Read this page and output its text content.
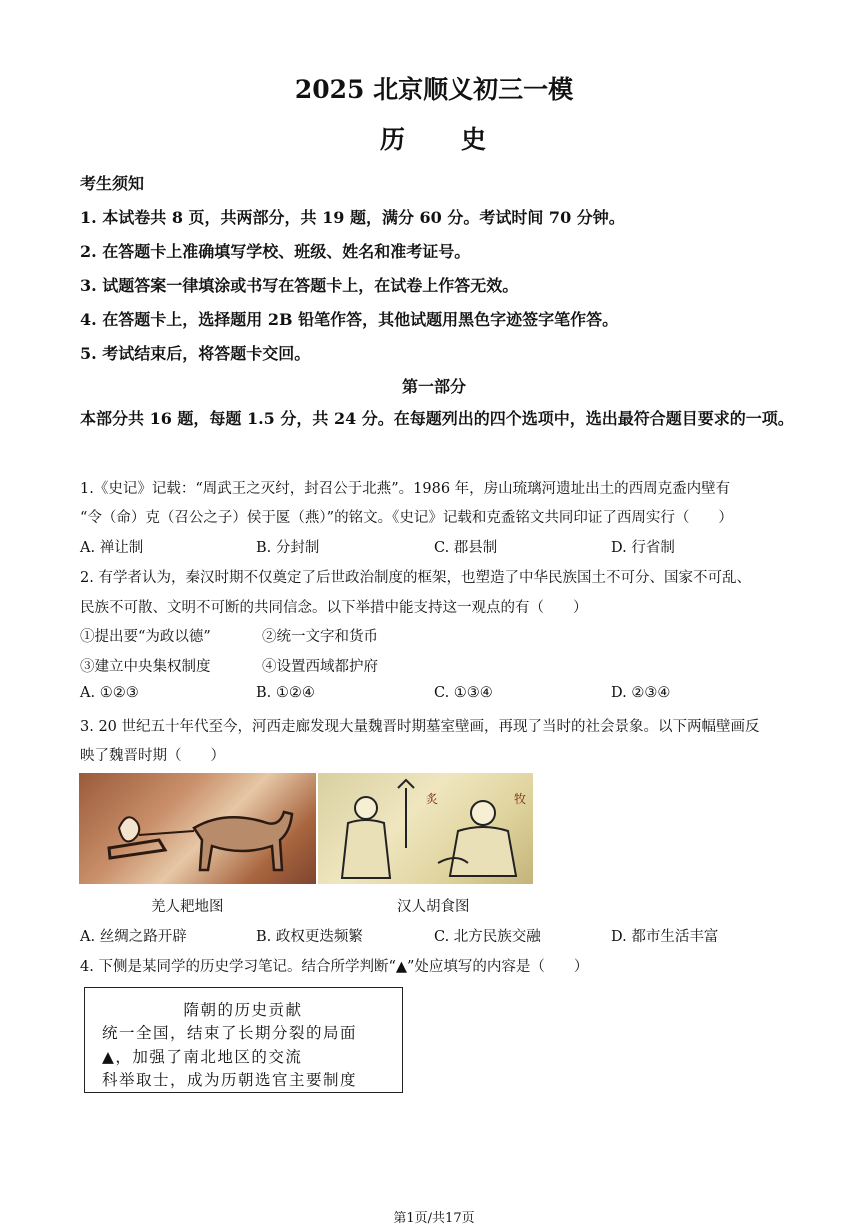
2025 北京顺义初三一模
历　　史
考生须知
1. 本试卷共 8 页，共两部分，共 19 题，满分 60 分。考试时间 70 分钟。
2. 在答题卡上准确填写学校、班级、姓名和准考证号。
3. 试题答案一律填涂或书写在答题卡上，在试卷上作答无效。
4. 在答题卡上，选择题用 2B 铅笔作答，其他试题用黑色字迹签字笔作答。
5. 考试结束后，将答题卡交回。
第一部分
本部分共 16 题，每题 1.5 分，共 24 分。在每题列出的四个选项中，选出最符合题目要求的一项。
1.《史记》记载：“周武王之灭纣，封召公于北燕”。1986 年，房山琉璃河遗址出土的西周克盉内壁有
“令（命）克（召公之子）侯于匽（燕）”的铭文。《史记》记载和克盉铭文共同印证了西周实行（　　）
A. 禅让制	B. 分封制	C. 郡县制	D. 行省制
2. 有学者认为，秦汉时期不仅奠定了后世政治制度的框架，也塑造了中华民族国土不可分、国家不可乱、
民族不可散、文明不可断的共同信念。以下举措中能支持这一观点的有（　　）
①提出要“为政以德”	②统一文字和货币
③建立中央集权制度	④设置西域都护府
A. ①②③	B. ①②④	C. ①③④	D. ②③④
3. 20 世纪五十年代至今，河西走廊发现大量魏晋时期墓室壁画，再现了当时的社会景象。以下两幅壁画反
映了魏晋时期（　　）
炙	牧
羌人耙地图	汉人胡食图
A. 丝绸之路开辟	B. 政权更迭频繁	C. 北方民族交融	D. 都市生活丰富
4. 下侧是某同学的历史学习笔记。结合所学判断“▲”处应填写的内容是（　　）
隋朝的历史贡献
统一全国，结束了长期分裂的局面
▲，加强了南北地区的交流
科举取士，成为历朝选官主要制度
第1页/共17页
